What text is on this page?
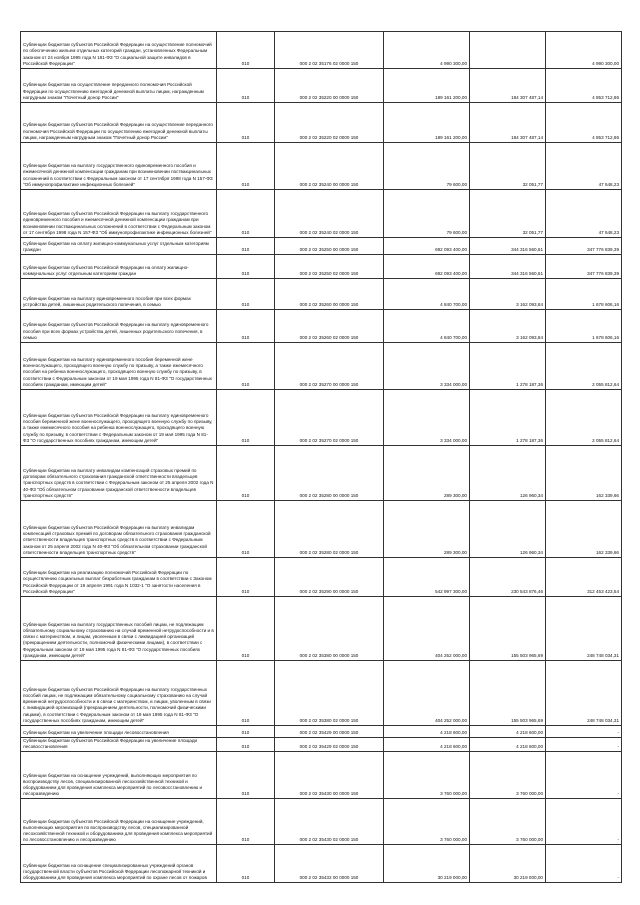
Субвенции бюджетам субъектов Российской Федерации на осуществление полномочий по обеспечению жильем отдельных категорий граждан, установленных Федеральным законом от 24 ноября 1995 года N 181-ФЗ "О социальной защите инвалидов в Российской Федерации"	010	000 2 02 35176 02 0000 150	4 990 300,00		4 990 300,00
Субвенции бюджетам на осуществление переданного полномочия Российской Федерации по осуществлению ежегодной денежной выплаты лицам, награжденным нагрудным знаком "Почетный донор России"	010	000 2 02 35220 00 0000 150	189 161 200,00	184 307 487,14	4 853 712,86
Субвенции бюджетам субъектов Российской Федерации на осуществление переданного полномочия Российской Федерации по осуществлению ежегодной денежной выплаты лицам, награжденным нагрудным знаком "Почетный донор России"	010	000 2 02 35220 02 0000 150	189 161 200,00	184 307 487,14	4 853 712,86
Субвенции бюджетам на выплату государственного единовременного пособия и ежемесячной денежной компенсации гражданам при возникновении поствакцинальных осложнений в соответствии с Федеральным законом от 17 сентября 1998 года N 157-ФЗ "Об иммунопрофилактике инфекционных болезней"	010	000 2 02 35240 00 0000 150	79 600,00	32 051,77	47 548,23
Субвенции бюджетам субъектов Российской Федерации на выплату государственного единовременного пособия и ежемесячной денежной компенсации гражданам при возникновении поствакцинальных осложнений в соответствии с Федеральным законом от 17 сентября 1998 года N 157-ФЗ "Об иммунопрофилактике инфекционных болезней"	010	000 2 02 35240 02 0000 150	79 600,00	32 051,77	47 548,23
Субвенции бюджетам на оплату жилищно-коммунальных услуг отдельным категориям граждан	010	000 2 02 35250 00 0000 150	692 093 400,00	344 316 560,61	347 776 839,39
Субвенции бюджетам субъектов Российской Федерации на оплату жилищно-коммунальных услуг отдельным категориям граждан	010	000 2 02 35250 02 0000 150	692 093 400,00	344 316 560,61	347 776 839,39
Субвенции бюджетам на выплату единовременного пособия при всех формах устройства детей, лишенных родительского попечения, в семью	010	000 2 02 35260 00 0000 150	4 840 700,00	3 162 093,84	1 678 606,16
Субвенции бюджетам субъектов Российской Федерации на выплату единовременного пособия при всех формах устройства детей, лишенных родительского попечения, в семью	010	000 2 02 35260 02 0000 150	4 840 700,00	3 162 093,84	1 678 606,16
Субвенции бюджетам на выплату единовременного пособия беременной жене военнослужащего, проходящего военную службу по призыву, а также ежемесячного пособия на ребенка военнослужащего, проходящего военную службу по призыву, в соответствии с Федеральным законом от 19 мая 1995 года N 81-ФЗ "О государственных пособиях гражданам, имеющим детей"	010	000 2 02 35270 00 0000 150	3 334 000,00	1 278 187,36	2 055 812,64
Субвенции бюджетам субъектов Российской Федерации на выплату единовременного пособия беременной жене военнослужащего, проходящего военную службу по призыву, а также ежемесячного пособия на ребенка военнослужащего, проходящего военную службу по призыву, в соответствии с Федеральным законом от 19 мая 1995 года N 81-ФЗ "О государственных пособиях гражданам, имеющим детей"	010	000 2 02 35270 02 0000 150	3 334 000,00	1 278 187,36	2 055 812,64
Субвенции бюджетам на выплату инвалидам компенсаций страховых премий по договорам обязательного страхования гражданской ответственности владельцев транспортных средств в соответствии с Федеральным законом от 25 апреля 2002 года N 40-ФЗ "Об обязательном страховании гражданской ответственности владельцев транспортных средств"	010	000 2 02 35280 00 0000 150	289 300,00	126 960,34	162 339,66
Субвенции бюджетам субъектов Российской Федерации на выплату инвалидам компенсаций страховых премий по договорам обязательного страхования гражданской ответственности владельцев транспортных средств в соответствии с Федеральным законом от 25 апреля 2002 года N 40-ФЗ "Об обязательном страховании гражданской ответственности владельцев транспортных средств"	010	000 2 02 35280 02 0000 150	289 300,00	126 960,34	162 339,66
Субвенции бюджетам на реализацию полномочий Российской Федерации по осуществлению социальных выплат безработным гражданам в соответствии с Законом Российской Федерации от 19 апреля 1991 года N 1032-1 "О занятости населения в Российской Федерации"	010	000 2 02 35290 00 0000 150	542 997 300,00	230 543 876,46	312 453 423,54
Субвенции бюджетам на выплату государственных пособий лицам, не подлежащим обязательному социальному страхованию на случай временной нетрудоспособности и в связи с материнством, и лицам, уволенным в связи с ликвидацией организаций (прекращением деятельности, полномочий физическими лицами), в соответствии с Федеральным законом от 19 мая 1995 года N 81-ФЗ "О государственных пособиях гражданам, имеющим детей"	010	000 2 02 35380 00 0000 150	404 252 000,00	155 503 965,69	248 748 034,31
Субвенции бюджетам субъектов Российской Федерации на выплату государственных пособий лицам, не подлежащим обязательному социальному страхованию на случай временной нетрудоспособности и в связи с материнством, и лицам, уволенным в связи с ликвидацией организаций (прекращением деятельности, полномочий физическими лицами), в соответствии с Федеральным законом от 19 мая 1995 года N 81-ФЗ "О государственных пособиях гражданам, имеющим детей"	010	000 2 02 35380 02 0000 150	404 252 000,00	155 503 965,69	248 748 034,31
Субвенции бюджетам на увеличение площади лесовосстановления	010	000 2 02 35429 00 0000 150	4 218 600,00	4 218 600,00	-
Субвенции бюджетам субъектов Российской Федерации на увеличение площади лесовосстановления	010	000 2 02 35429 02 0000 150	4 218 600,00	4 218 600,00	-
Субвенции бюджетам на оснащение учреждений, выполняющих мероприятия по воспроизводству лесов, специализированной лесохозяйственной техникой и оборудованием для проведения комплекса мероприятий по лесовосстановлению и лесоразведению	010	000 2 02 35430 00 0000 150	3 760 000,00	3 760 000,00	-
Субвенции бюджетам субъектов Российской Федерации на оснащение учреждений, выполняющих мероприятия по воспроизводству лесов, специализированной лесохозяйственной техникой и оборудованием для проведения комплекса мероприятий по лесовосстановлению и лесоразведению	010	000 2 02 35430 02 0000 150	3 760 000,00	3 760 000,00	-
Субвенции бюджетам на оснащение специализированных учреждений органов государственной власти субъектов Российской Федерации лесопожарной техникой и оборудованием для проведения комплекса мероприятий по охране лесов от пожаров	010	000 2 02 35432 00 0000 150	30 219 000,00	30 219 000,00	-
